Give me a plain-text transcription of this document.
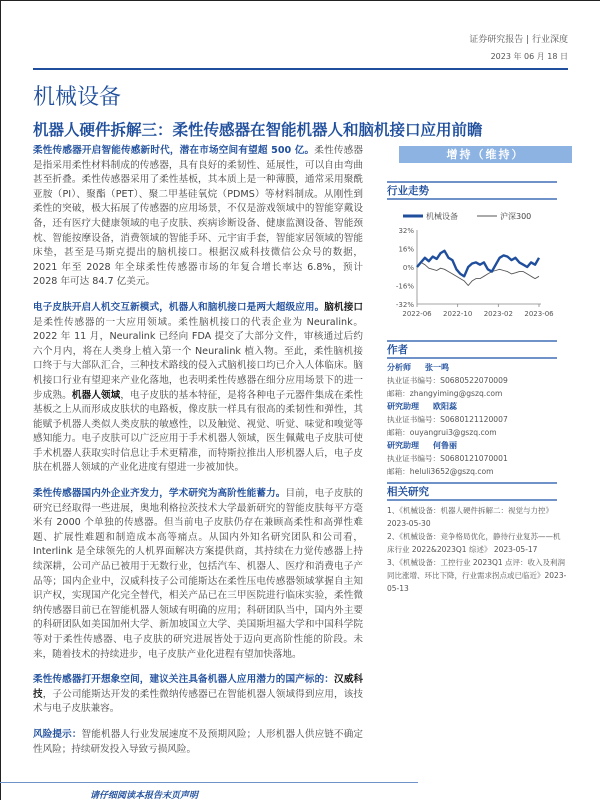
证券研究报告 | 行业深度
2023 年 06 月 18 日
机械设备
机器人硬件拆解三：柔性传感器在智能机器人和脑机接口应用前瞻

柔性传感器开启智能传感新时代，潜在市场空间有望超 500 亿。柔性传感器是指采用柔性材料制成的传感器，具有良好的柔韧性、延展性，可以自由弯曲甚至折叠。柔性传感器采用了柔性基板，其本质上是一种薄膜，通常采用聚酰亚胺（PI）、聚酯（PET）、聚二甲基硅氧烷（PDMS）等材料制成。从刚性到柔性的突破，极大拓展了传感器的应用场景，不仅是游戏领域中的智能穿戴设备，还有医疗大健康领域的电子皮肤、疾病诊断设备、健康监测设备、智能颈枕、智能按摩设备，消费领域的智能手环、元宇宙手套，智能家居领域的智能床垫，甚至是马斯克提出的脑机接口。根据汉威科技微信公众号的数据，2021 年至 2028 年全球柔性传感器市场的年复合增长率达 6.8%，预计 2028 年可达 84.7 亿美元。

电子皮肤开启人机交互新模式，机器人和脑机接口是两大超级应用。脑机接口是柔性传感器的一大应用领域。柔性脑机接口的代表企业为 Neuralink。2022 年 11 月，Neuralink 已经向 FDA 提交了大部分文件，审核通过后约六个月内，将在人类身上植入第一个 Neuralink 植入物。至此，柔性脑机接口终于与大部队汇合，三种技术路线的侵入式脑机接口均已介入人体临床。脑机接口行业有望迎来产业化落地，也表明柔性传感器在细分应用场景下的进一步成熟。机器人领域，电子皮肤的基本特征，是将各种电子元器件集成在柔性基板之上从而形成皮肤状的电路板，像皮肤一样具有很高的柔韧性和弹性，其能赋予机器人类似人类皮肤的敏感性，以及触觉、视觉、听觉、味觉和嗅觉等感知能力。电子皮肤可以广泛应用于手术机器人领域，医生佩戴电子皮肤可使手术机器人获取实时信息让手术更精准，而特斯拉推出人形机器人后，电子皮肤在机器人领域的产业化进度有望进一步被加快。

柔性传感器国内外企业齐发力，学术研究为高阶性能蓄力。目前，电子皮肤的研究已经取得一些进展，奥地利格拉茨技术大学最新研究的智能皮肤每平方毫米有 2000 个单独的传感器。但当前电子皮肤仍存在兼顾高柔性和高弹性难题、扩展性难题和制造成本高等痛点。从国内外知名研究团队和公司看，Interlink 是全球领先的人机界面解决方案提供商，其持续在力觉传感器上持续深耕，公司产品已被用于无数行业，包括汽车、机器人、医疗和消费电子产品等；国内企业中，汉威科技子公司能斯达在柔性压电传感器领域掌握自主知识产权，实现国产化完全替代，相关产品已在三甲医院进行临床实验，柔性微纳传感器目前已在智能机器人领域有明确的应用；科研团队当中，国内外主要的科研团队如美国加州大学、新加坡国立大学、美国斯坦福大学和中国科学院等对于柔性传感器、电子皮肤的研究进展皆处于迈向更高阶性能的阶段。未来，随着技术的持续进步，电子皮肤产业化进程有望加快落地。

柔性传感器打开想象空间，建议关注具备机器人应用潜力的国产标的：汉威科技，子公司能斯达开发的柔性微纳传感器已在智能机器人领域得到应用，该技术与电子皮肤兼容。

风险提示：智能机器人行业发展速度不及预期风险；人形机器人供应链不确定性风险；持续研发投入导致亏损风险。

增持（维持）
行业走势
机械设备	沪深300
32%
16%
0%
-16%
-32%
2022-06 2022-10 2023-02 2023-06
作者
分析师 张一鸣
执业证书编号：S0680522070009
邮箱：zhangyiming@gszq.com
研究助理 欧阳蕊
执业证书编号：S0680121120007
邮箱：ouyangrui3@gszq.com
研究助理 何鲁丽
执业证书编号：S0680121070001
邮箱：heluli3652@gszq.com
相关研究
1、《机械设备：机器人硬件拆解二：视觉与力控》
2023-05-30
2、《机械设备：竞争格局优化，静待行业复苏——机床行业 2022&2023Q1 综述》 2023-05-17
3、《机械设备：工控行业 2023Q1 点评：收入及利润同比涨增、环比下降，行业需求拐点或已临近》2023-05-13
请仔细阅读本报告末页声明
